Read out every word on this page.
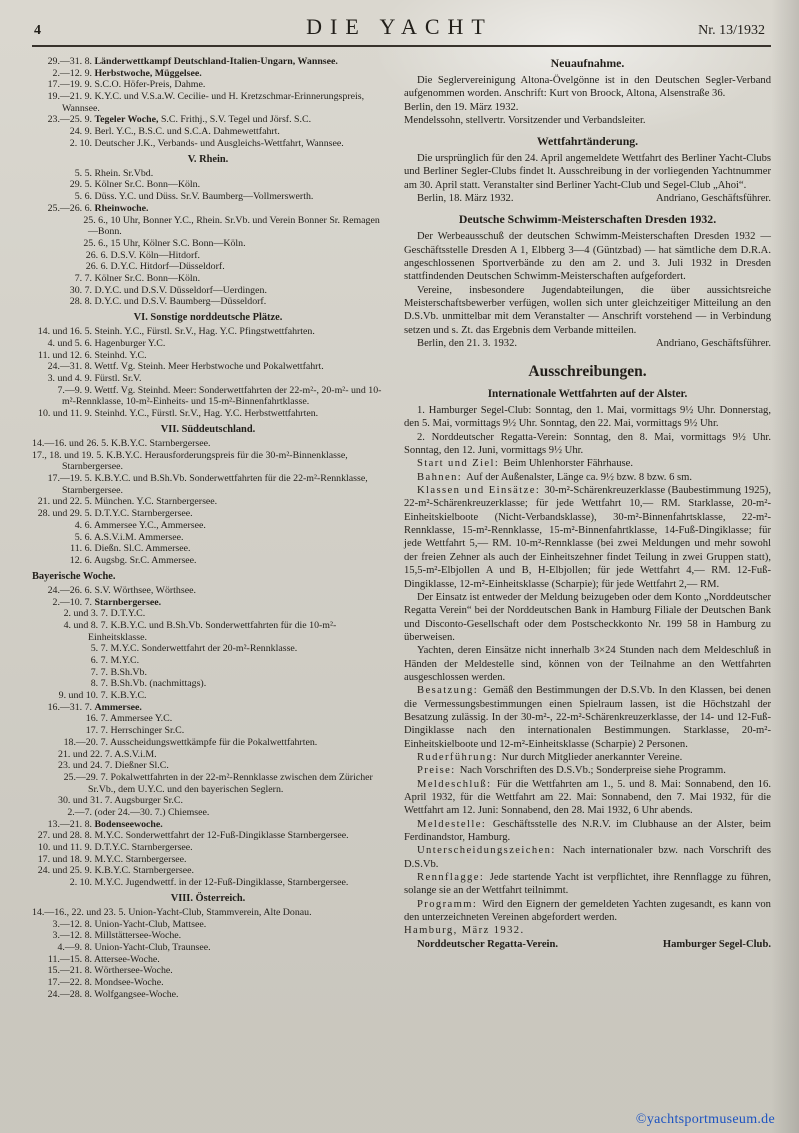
4	DIE YACHT	Nr. 13/1932
29.—31. 8. Länderwettkampf Deutschland-Italien-Ungarn, Wannsee.
2.—12. 9. Herbstwoche, Müggelsee.
17.—19. 9. S.C.O. Höfer-Preis, Dahme.
19.—21. 9. K.Y.C. und V.S.a.W. Cecilie- und H. Kretzschmar-Erinnerungspreis, Wannsee.
23.—25. 9. Tegeler Woche, S.C. Frithj., S.V. Tegel und Jörsf. S.C.
24. 9. Berl. Y.C., B.S.C. und S.C.A. Dahmewettfahrt.
2. 10. Deutscher J.K., Verbands- und Ausgleichs-Wettfahrt, Wannsee.
V. Rhein.
5. 5. Rhein. Sr.Vbd.
29. 5. Kölner Sr.C. Bonn—Köln.
5. 6. Düss. Y.C. und Düss. Sr.V. Baumberg—Vollmerswerth.
25.—26. 6. Rheinwoche.
25. 6., 10 Uhr, Bonner Y.C., Rhein. Sr.Vb. und Verein Bonner Sr. Remagen—Bonn.
25. 6., 15 Uhr, Kölner S.C. Bonn—Köln.
26. 6. D.S.V. Köln—Hitdorf.
26. 6. D.Y.C. Hitdorf—Düsseldorf.
7. 7. Kölner Sr.C. Bonn—Köln.
30. 7. D.Y.C. und D.S.V. Düsseldorf—Uerdingen.
28. 8. D.Y.C. und D.S.V. Baumberg—Düsseldorf.
VI. Sonstige norddeutsche Plätze.
14. und 16. 5. Steinh. Y.C., Fürstl. Sr.V., Hag. Y.C. Pfingstwettfahrten.
4. und 5. 6. Hagenburger Y.C.
11. und 12. 6. Steinhd. Y.C.
24.—31. 8. Wettf. Vg. Steinh. Meer Herbstwoche und Pokalwettfahrt.
3. und 4. 9. Fürstl. Sr.V.
7.—9. 9. Wettf. Vg. Steinhd. Meer: Sonderwettfahrten der 22-m²-, 20-m²- und 10-m²-Rennklasse, 10-m²-Einheits- und 15-m²-Binnenfahrtklasse.
10. und 11. 9. Steinhd. Y.C., Fürstl. Sr.V., Hag. Y.C. Herbstwettfahrten.
VII. Süddeutschland.
14.—16. und 26. 5. K.B.Y.C. Starnbergersee.
17., 18. und 19. 5. K.B.Y.C. Herausforderungspreis für die 30-m²-Binnenklasse, Starnbergersee.
17.—19. 5. K.B.Y.C. und B.Sh.Vb. Sonderwettfahrten für die 22-m²-Rennklasse, Starnbergersee.
21. und 22. 5. München. Y.C. Starnbergersee.
28. und 29. 5. D.T.Y.C. Starnbergersee.
4. 6. Ammersee Y.C., Ammersee.
5. 6. A.S.V.i.M. Ammersee.
11. 6. Dießn. Sl.C. Ammersee.
12. 6. Augsbg. Sr.C. Ammersee.
Bayerische Woche.
24.—26. 6. S.V. Wörthsee, Wörthsee.
2.—10. 7. Starnbergersee.
2. und 3. 7. D.T.Y.C.
4. und 8. 7. K.B.Y.C. und B.Sh.Vb. Sonderwettfahrten für die 10-m²-Einheitsklasse.
5. 7. M.Y.C. Sonderwettfahrt der 20-m²-Rennklasse.
6. 7. M.Y.C.
7. 7. B.Sh.Vb.
8. 7. B.Sh.Vb. (nachmittags).
9. und 10. 7. K.B.Y.C.
16.—31. 7. Ammersee.
16. 7. Ammersee Y.C.
17. 7. Herrschinger Sr.C.
18.—20. 7. Ausscheidungswettkämpfe für die Pokalwettfahrten.
21. und 22. 7. A.S.V.i.M.
23. und 24. 7. Dießner Sl.C.
25.—29. 7. Pokalwettfahrten in der 22-m²-Rennklasse zwischen dem Züricher Sr.Vb., dem U.Y.C. und den bayerischen Seglern.
30. und 31. 7. Augsburger Sr.C.
2.—7. (oder 24.—30. 7.) Chiemsee.
13.—21. 8. Bodenseewoche.
27. und 28. 8. M.Y.C. Sonderwettfahrt der 12-Fuß-Dingiklasse Starnbergersee.
10. und 11. 9. D.T.Y.C. Starnbergersee.
17. und 18. 9. M.Y.C. Starnbergersee.
24. und 25. 9. K.B.Y.C. Starnbergersee.
2. 10. M.Y.C. Jugendwettf. in der 12-Fuß-Dingiklasse, Starnbergersee.
VIII. Österreich.
14.—16., 22. und 23. 5. Union-Yacht-Club, Stammverein, Alte Donau.
3.—12. 8. Union-Yacht-Club, Mattsee.
3.—12. 8. Millstättersee-Woche.
4.—9. 8. Union-Yacht-Club, Traunsee.
11.—15. 8. Attersee-Woche.
15.—21. 8. Wörthersee-Woche.
17.—22. 8. Mondsee-Woche.
24.—28. 8. Wolfgangsee-Woche.
Neuaufnahme.

Die Seglervereinigung Altona-Övelgönne ist in den Deutschen Segler-Verband aufgenommen worden. Anschrift: Kurt von Broock, Altona, Alsenstraße 36.

Berlin, den 19. März 1932.

Mendelssohn, stellvertr. Vorsitzender und Verbandsleiter.

Wettfahrtänderung.

Die ursprünglich für den 24. April angemeldete Wettfahrt des Berliner Yacht-Clubs und Berliner Segler-Clubs findet lt. Ausschreibung in der vorliegenden Yachtnummer am 30. April statt. Veranstalter sind Berliner Yacht-Club und Segel-Club „Ahoi“.

Berlin, 18. März 1932.	Andriano, Geschäftsführer.

Deutsche Schwimm-Meisterschaften Dresden 1932.

Der Werbeausschuß der deutschen Schwimm-Meisterschaften Dresden 1932 — Geschäftsstelle Dresden A 1, Elbberg 3—4 (Güntzbad) — hat sämtliche dem D.R.A. angeschlossenen Sportverbände zu den am 2. und 3. Juli 1932 in Dresden stattfindenden Deutschen Schwimm-Meisterschaften aufgefordert.

Vereine, insbesondere Jugendabteilungen, die über aussichtsreiche Meisterschaftsbewerber verfügen, wollen sich unter gleichzeitiger Mitteilung an den D.S.Vb. unmittelbar mit dem Veranstalter — Anschrift vorstehend — in Verbindung setzen und s. Zt. das Ergebnis dem Verbande mitteilen.

Berlin, den 21. 3. 1932.	Andriano, Geschäftsführer.

Ausschreibungen.
Internationale Wettfahrten auf der Alster.

1. Hamburger Segel-Club: Sonntag, den 1. Mai, vormittags 9½ Uhr. Donnerstag, den 5. Mai, vormittags 9½ Uhr. Sonntag, den 22. Mai, vormittags 9½ Uhr.

2. Norddeutscher Regatta-Verein: Sonntag, den 8. Mai, vormittags 9½ Uhr. Sonntag, den 12. Juni, vormittags 9½ Uhr.

Start und Ziel: Beim Uhlenhorster Fährhause.

Bahnen: Auf der Außenalster, Länge ca. 9½ bzw. 8 bzw. 6 sm.

Klassen und Einsätze: 30-m²-Schärenkreuzerklasse (Baubestimmung 1925), 22-m²-Schärenkreuzerklasse; für jede Wettfahrt 10,— RM. Starklasse, 20-m²-Einheitskielboote (Nicht-Verbandsklasse), 30-m²-Binnenfahrtsklasse, 22-m²-Rennklasse, 15-m²-Rennklasse, 15-m²-Binnenfahrtklasse, 14-Fuß-Dingiklasse; für jede Wettfahrt 5,— RM. 10-m²-Rennklasse (bei zwei Meldungen und mehr sowohl der freien Zehner als auch der Einheitszehner findet Teilung in zwei Gruppen statt), 15,5-m²-Elbjollen A und B, H-Elbjollen; für jede Wettfahrt 4,— RM. 12-Fuß-Dingiklasse, 12-m²-Einheitsklasse (Scharpie); für jede Wettfahrt 2,— RM.

Der Einsatz ist entweder der Meldung beizugeben oder dem Konto „Norddeutscher Regatta Verein“ bei der Norddeutschen Bank in Hamburg Filiale der Deutschen Bank und Disconto-Gesellschaft oder dem Postscheckkonto Nr. 199 58 in Hamburg zu überweisen.

Yachten, deren Einsätze nicht innerhalb 3×24 Stunden nach dem Meldeschluß in Händen der Meldestelle sind, können von der Teilnahme an den Wettfahrten ausgeschlossen werden.

Besatzung: Gemäß den Bestimmungen der D.S.Vb. In den Klassen, bei denen die Vermessungsbestimmungen einen Spielraum lassen, ist die Höchstzahl der Besatzung zulässig. In der 30-m²-, 22-m²-Schärenkreuzerklasse, der 14- und 12-Fuß-Dingiklasse nach den internationalen Bestimmungen. Starklasse, 20-m²-Einheitskielboote und 12-m²-Einheitsklasse (Scharpie) 2 Personen.

Ruderführung: Nur durch Mitglieder anerkannter Vereine.

Preise: Nach Vorschriften des D.S.Vb.; Sonderpreise siehe Programm.

Meldeschluß: Für die Wettfahrten am 1., 5. und 8. Mai: Sonnabend, den 16. April 1932, für die Wettfahrt am 22. Mai: Sonnabend, den 7. Mai 1932, für die Wettfahrt am 12. Juni: Sonnabend, den 28. Mai 1932, 6 Uhr abends.

Meldestelle: Geschäftsstelle des N.R.V. im Clubhause an der Alster, beim Ferdinandstor, Hamburg.

Unterscheidungszeichen: Nach internationaler bzw. nach Vorschrift des D.S.Vb.

Rennflagge: Jede startende Yacht ist verpflichtet, ihre Rennflagge zu führen, solange sie an der Wettfahrt teilnimmt.

Programm: Wird den Eignern der gemeldeten Yachten zugesandt, es kann von den unterzeichneten Vereinen abgefordert werden.

Hamburg, März 1932.

Norddeutscher Regatta-Verein.	Hamburger Segel-Club.

©yachtsportmuseum.de
